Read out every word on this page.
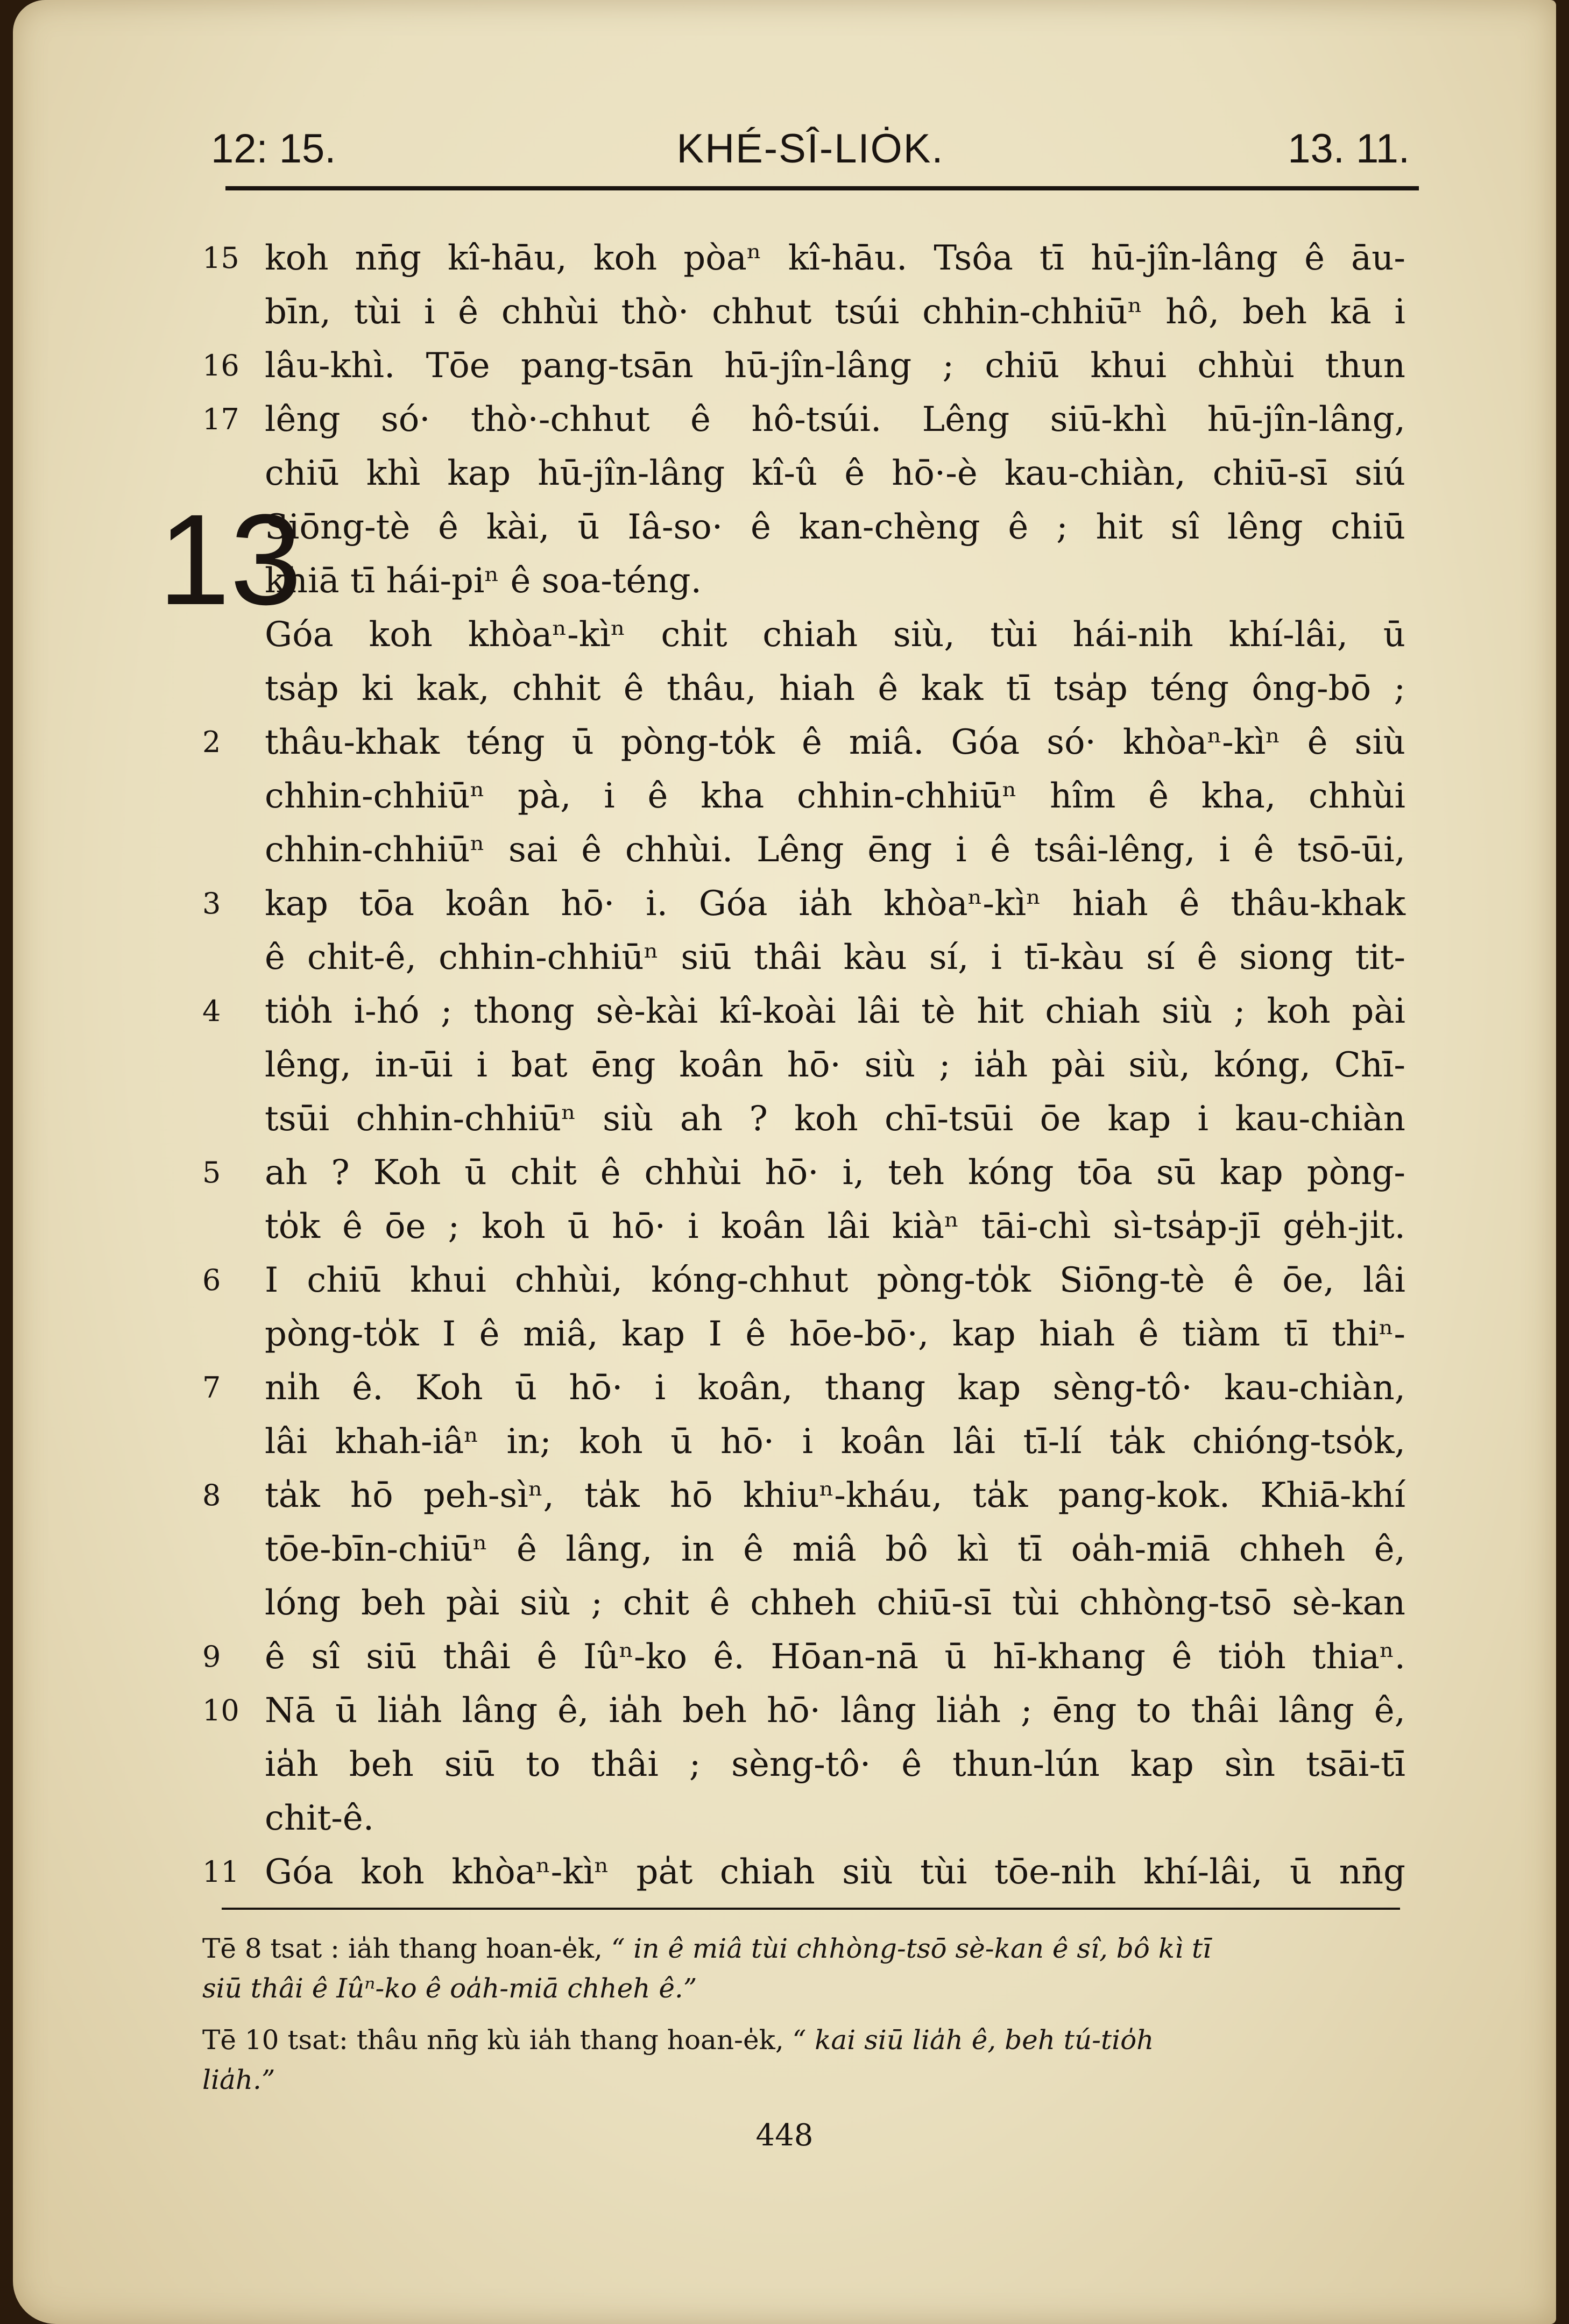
12: 15.	KHÉ-SÎ-LIȮK.	13. 11.
13
15 koh nn̄g kî-hāu, koh pòaⁿ kî-hāu. Tsôa tī hū-jîn-lâng ê āu-
bīn, tùi i ê chhùi thò· chhut tsúi chhin-chhiūⁿ hô, beh kā i
16 lâu-khì. Tōe pang-tsān hū-jîn-lâng ; chiū khui chhùi thun
17 lêng só· thò·-chhut ê hô-tsúi. Lêng siū-khì hū-jîn-lâng,
chiū khì kap hū-jîn-lâng kî-û ê hō·-è kau-chiàn, chiū-sī siú
Siōng-tè ê kài, ū Iâ-so· ê kan-chèng ê ; hit sî lêng chiū
khiā tī hái-piⁿ ê soa-téng.
Góa koh khòaⁿ-kìⁿ chi̍t chiah siù, tùi hái-ni̍h khí-lâi, ū
tsa̍p ki kak, chhit ê thâu, hiah ê kak tī tsa̍p téng ông-bō ;
2	thâu-khak téng ū pòng-to̍k ê miâ. Góa só· khòaⁿ-kìⁿ ê siù
chhin-chhiūⁿ pà, i ê kha chhin-chhiūⁿ hîm ê kha, chhùi
chhin-chhiūⁿ sai ê chhùi. Lêng ēng i ê tsâi-lêng, i ê tsō-ūi,
3	kap tōa koân hō· i. Góa ia̍h khòaⁿ-kìⁿ hiah ê thâu-khak
ê chi̍t-ê, chhin-chhiūⁿ siū thâi kàu sí, i tī-kàu sí ê siong tit-
4	tio̍h i-hó ; thong sè-kài kî-koài lâi tè hit chiah siù ; koh pài
lêng, in-ūi i bat ēng koân hō· siù ; ia̍h pài siù, kóng, Chī-
tsūi chhin-chhiūⁿ siù ah ? koh chī-tsūi ōe kap i kau-chiàn
5	ah ? Koh ū chi̍t ê chhùi hō· i, teh kóng tōa sū kap pòng-
to̍k ê ōe ; koh ū hō· i koân lâi kiàⁿ tāi-chì sì-tsa̍p-jī ge̍h-ji̍t.
6	I chiū khui chhùi, kóng-chhut pòng-to̍k Siōng-tè ê ōe, lâi
pòng-to̍k I ê miâ, kap I ê hōe-bō·, kap hiah ê tiàm tī thiⁿ-
7	ni̍h ê. Koh ū hō· i koân, thang kap sèng-tô· kau-chiàn,
lâi khah-iâⁿ in; koh ū hō· i koân lâi tī-lí ta̍k chióng-tso̍k,
8	ta̍k hō peh-sìⁿ, ta̍k hō khiuⁿ-kháu, ta̍k pang-kok. Khiā-khí
tōe-bīn-chiūⁿ ê lâng, in ê miâ bô kì tī oa̍h-miā chheh ê,
lóng beh pài siù ; chit ê chheh chiū-sī tùi chhòng-tsō sè-kan
9	ê sî siū thâi ê Iûⁿ-ko ê. Hōan-nā ū hī-khang ê tio̍h thiaⁿ.
10 Nā ū lia̍h lâng ê, ia̍h beh hō· lâng lia̍h ; ēng to thâi lâng ê,
ia̍h beh siū to thâi ; sèng-tô· ê thun-lún kap sìn tsāi-tī
chit-ê.
11 Góa koh khòaⁿ-kìⁿ pa̍t chiah siù tùi tōe-ni̍h khí-lâi, ū nn̄g
Tē 8 tsat : ia̍h thang hoan-e̍k, “ in ê miâ tùi chhòng-tsō sè-kan ê sî, bô kì tī
siū thâi ê Iûⁿ-ko ê oa̍h-miā chheh ê.”
Tē 10 tsat: thâu nn̄g kù ia̍h thang hoan-e̍k, “ kai siū lia̍h ê, beh tú-tio̍h
lia̍h.”
448
